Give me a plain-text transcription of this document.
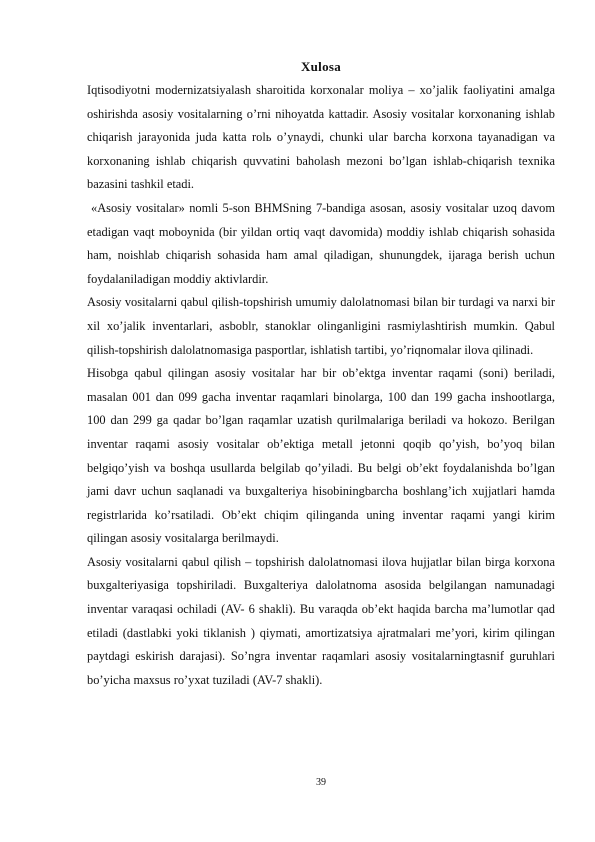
Xulosa

Iqtisodiyotni modernizatsiyalash sharoitida korxonalar moliya – xo’jalik faoliyatini amalga oshirishda asosiy vositalarning o’rni nihoyatda kattadir. Asosiy vositalar korxonaning ishlab chiqarish jarayonida juda katta rolь o’ynaydi, chunki ular barcha korxona tayanadigan va korxonaning ishlab chiqarish quvvatini baholash mezoni bo’lgan ishlab-chiqarish texnika bazasini tashkil etadi.

«Asosiy vositalar» nomli 5-son BHMSning 7-bandiga asosan, asosiy vositalar uzoq davom etadigan vaqt moboynida (bir yildan ortiq vaqt davomida) moddiy ishlab chiqarish sohasida ham, noishlab chiqarish sohasida ham amal qiladigan, shunungdek, ijaraga berish uchun foydalaniladigan moddiy aktivlardir.

Asosiy vositalarni qabul qilish-topshirish umumiy dalolatnomasi bilan bir turdagi va narxi bir xil xo’jalik inventarlari, asboblr, stanoklar olinganligini rasmiylashtirish mumkin. Qabul qilish-topshirish dalolatnomasiga pasportlar, ishlatish tartibi, yo’riqnomalar ilova qilinadi.

Hisobga qabul qilingan asosiy vositalar har bir ob’ektga inventar raqami (soni) beriladi, masalan 001 dan 099 gacha inventar raqamlari binolarga, 100 dan 199 gacha inshootlarga, 100 dan 299 ga qadar bo’lgan raqamlar uzatish qurilmalariga beriladi va hokozo. Berilgan inventar raqami asosiy vositalar ob’ektiga metall jetonni qoqib qo’yish, bo’yoq bilan belgiqo’yish va boshqa usullarda belgilab qo’yiladi. Bu belgi ob’ekt foydalanishda bo’lgan jami davr uchun saqlanadi va buxgalteriya hisobiningbarcha boshlang’ich xujjatlari hamda registrlarida ko’rsatiladi. Ob’ekt chiqim qilinganda uning inventar raqami yangi kirim qilingan asosiy vositalarga berilmaydi.

Asosiy vositalarni qabul qilish – topshirish dalolatnomasi ilova hujjatlar bilan birga korxona buxgalteriyasiga topshiriladi. Buxgalteriya dalolatnoma asosida belgilangan namunadagi inventar varaqasi ochiladi (AV- 6 shakli). Bu varaqda ob’ekt haqida barcha ma’lumotlar qad etiladi (dastlabki yoki tiklanish ) qiymati, amortizatsiya ajratmalari me’yori, kirim qilingan paytdagi eskirish darajasi). So’ngra inventar raqamlari asosiy vositalarningtasnif guruhlari bo’yicha maxsus ro’yxat tuziladi (AV-7 shakli).

39
